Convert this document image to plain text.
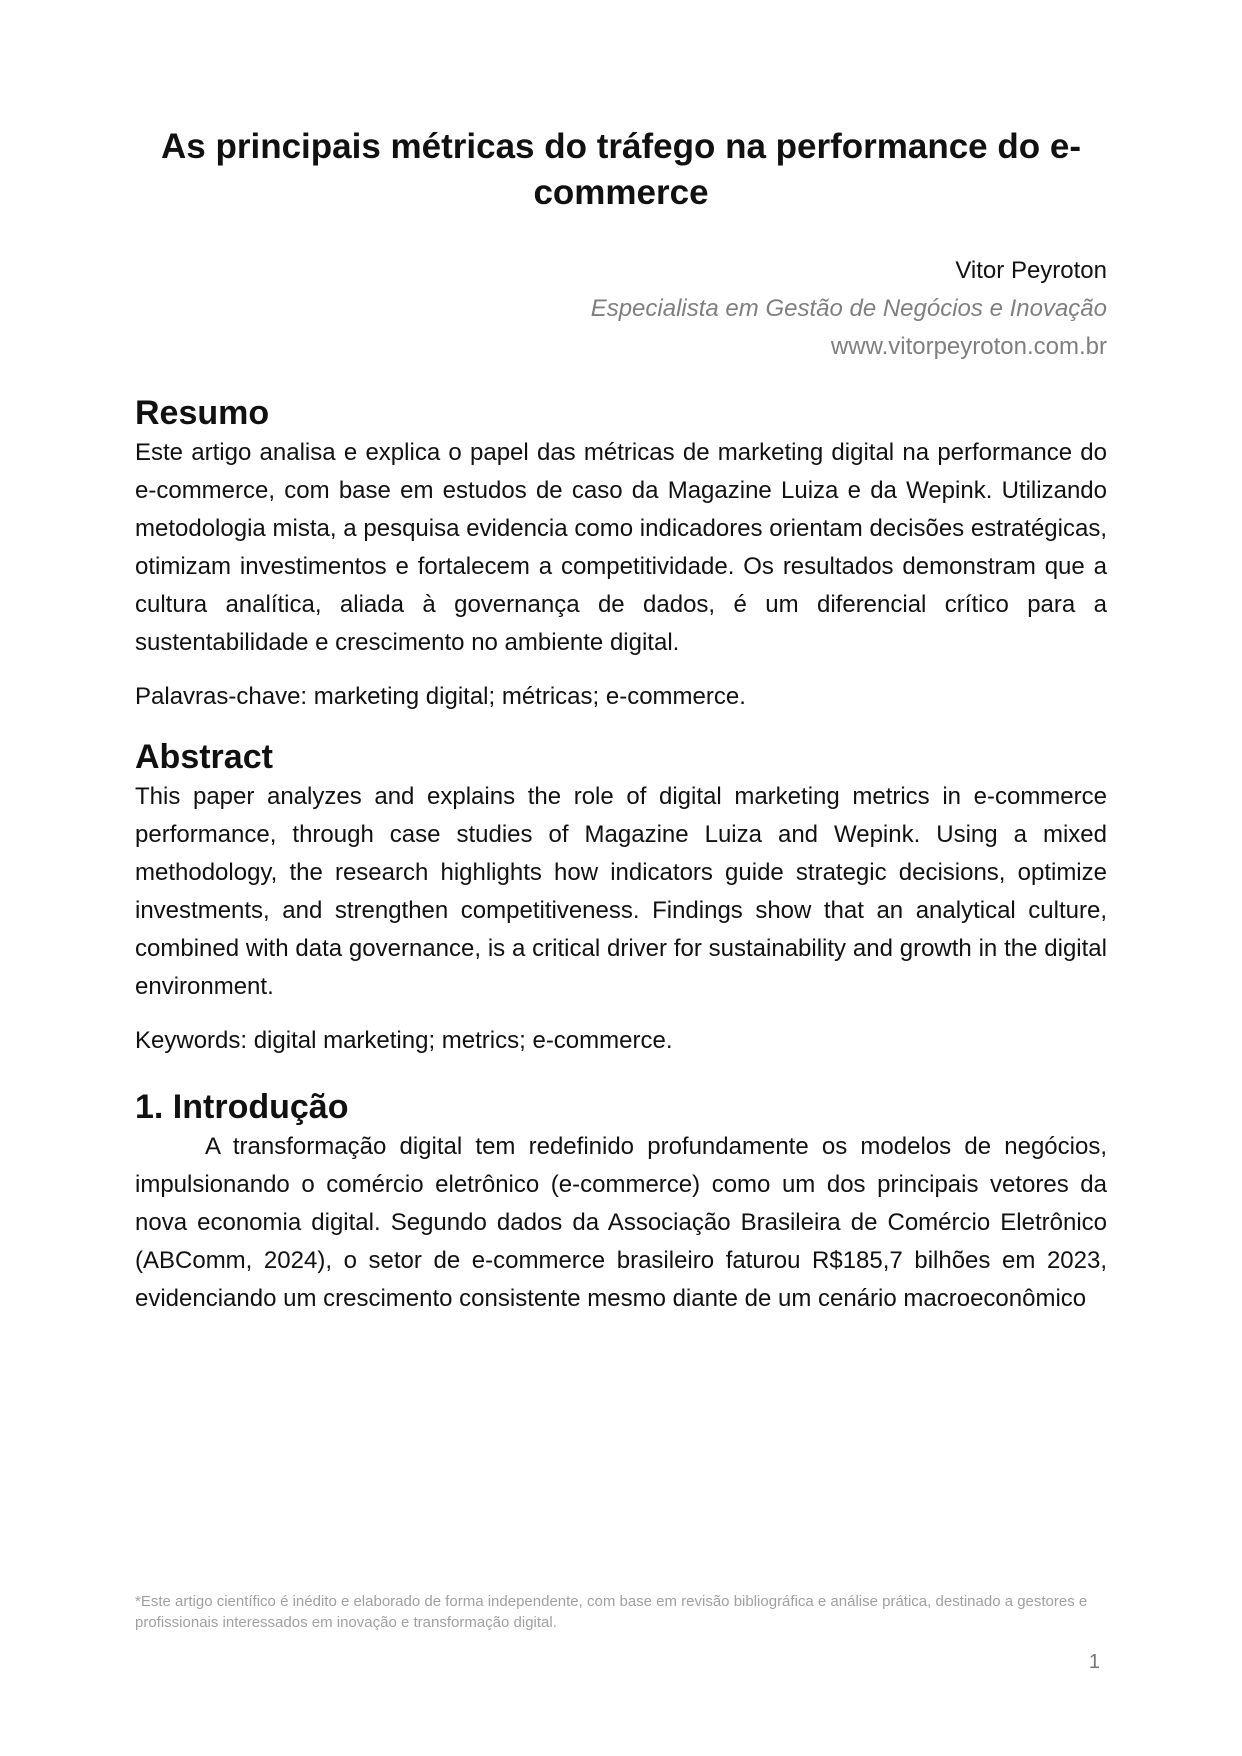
As principais métricas do tráfego na performance do e-commerce
Vitor Peyroton
Especialista em Gestão de Negócios e Inovação
www.vitorpeyroton.com.br
Resumo

Este artigo analisa e explica o papel das métricas de marketing digital na performance do e-commerce, com base em estudos de caso da Magazine Luiza e da Wepink. Utilizando metodologia mista, a pesquisa evidencia como indicadores orientam decisões estratégicas, otimizam investimentos e fortalecem a competitividade. Os resultados demonstram que a cultura analítica, aliada à governança de dados, é um diferencial crítico para a sustentabilidade e crescimento no ambiente digital.

Palavras-chave: marketing digital; métricas; e-commerce.

Abstract

This paper analyzes and explains the role of digital marketing metrics in e-commerce performance, through case studies of Magazine Luiza and Wepink. Using a mixed methodology, the research highlights how indicators guide strategic decisions, optimize investments, and strengthen competitiveness. Findings show that an analytical culture, combined with data governance, is a critical driver for sustainability and growth in the digital environment.

Keywords: digital marketing; metrics; e-commerce.

1. Introdução

A transformação digital tem redefinido profundamente os modelos de negócios, impulsionando o comércio eletrônico (e-commerce) como um dos principais vetores da nova economia digital. Segundo dados da Associação Brasileira de Comércio Eletrônico (ABComm, 2024), o setor de e-commerce brasileiro faturou R$185,7 bilhões em 2023, evidenciando um crescimento consistente mesmo diante de um cenário macroeconômico

*Este artigo científico é inédito e elaborado de forma independente, com base em revisão bibliográfica e análise prática, destinado a gestores e profissionais interessados em inovação e transformação digital.
1
